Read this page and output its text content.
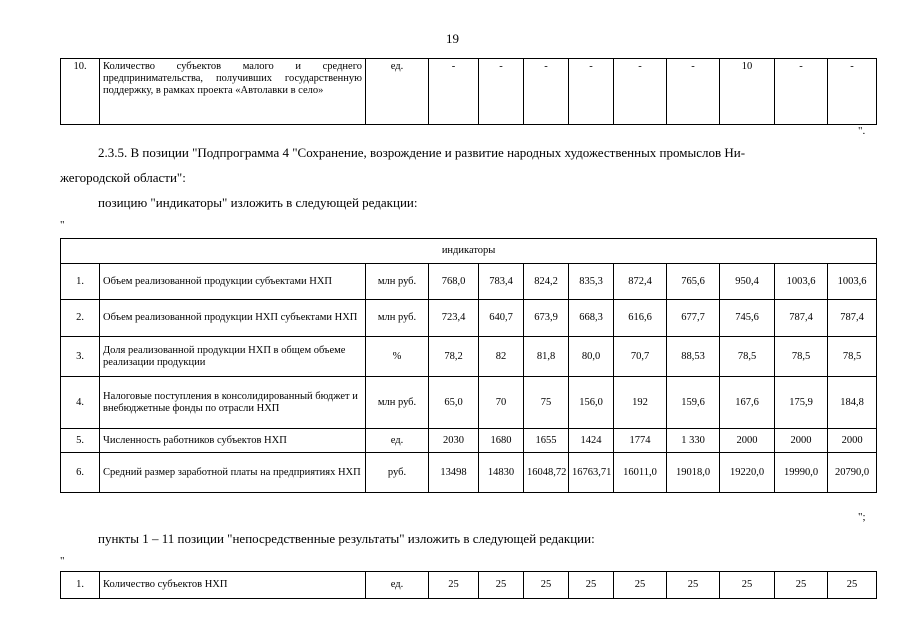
19
10.	Количество субъектов малого и среднего предпринимательства, получивших государственную поддержку, в рамках проекта «Автолавки в село»	ед.	-	-	-	-	-	-	10	-	-
".
2.3.5. В позиции "Подпрограмма 4 "Сохранение, возрождение и развитие народных художественных промыслов Ни-
жегородской области":
позицию "индикаторы" изложить в следующей редакции:
"
индикаторы											
1.	Объем реализованной продукции субъектами НХП	млн руб.	768,0	783,4	824,2	835,3	872,4	765,6	950,4	1003,6	1003,6
2.	Объем реализованной продукции НХП субъектами НХП	млн руб.	723,4	640,7	673,9	668,3	616,6	677,7	745,6	787,4	787,4
3.	Доля реализованной продукции НХП в общем объеме реализации продукции	%	78,2	82	81,8	80,0	70,7	88,53	78,5	78,5	78,5
4.	Налоговые поступления в консолидированный бюджет и внебюджетные фонды по отрасли НХП	млн руб.	65,0	70	75	156,0	192	159,6	167,6	175,9	184,8
5.	Численность работников субъектов НХП	ед.	2030	1680	1655	1424	1774	1 330	2000	2000	2000
6.	Средний размер заработной платы на предприятиях НХП	руб.	13498	14830	16048,72	16763,71	16011,0	19018,0	19220,0	19990,0	20790,0
";
пункты 1 – 11 позиции "непосредственные результаты" изложить в следующей редакции:
"
1.	Количество субъектов НХП	ед.	25	25	25	25	25	25	25	25	25
